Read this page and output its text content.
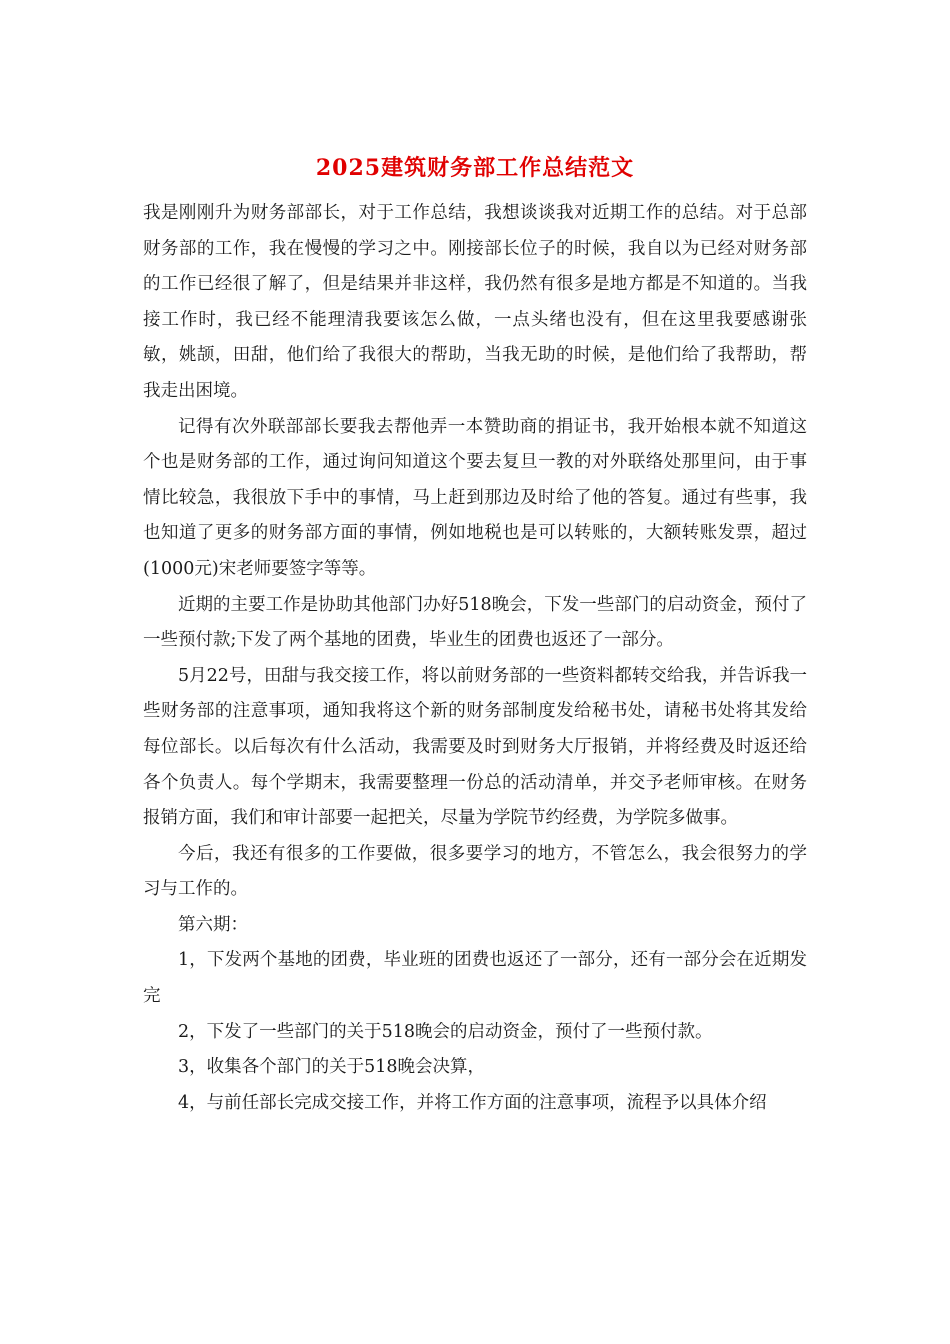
2025建筑财务部工作总结范文

我是刚刚升为财务部部长，对于工作总结，我想谈谈我对近期工作的总结。对于总部财务部的工作，我在慢慢的学习之中。刚接部长位子的时候，我自以为已经对财务部的工作已经很了解了，但是结果并非这样，我仍然有很多是地方都是不知道的。当我接工作时，我已经不能理清我要该怎么做，一点头绪也没有，但在这里我要感谢张敏，姚颉，田甜，他们给了我很大的帮助，当我无助的时候，是他们给了我帮助，帮我走出困境。

记得有次外联部部长要我去帮他弄一本赞助商的捐证书，我开始根本就不知道这个也是财务部的工作，通过询问知道这个要去复旦一教的对外联络处那里问，由于事情比较急，我很放下手中的事情，马上赶到那边及时给了他的答复。通过有些事，我也知道了更多的财务部方面的事情，例如地税也是可以转账的，大额转账发票，超过(1000元)宋老师要签字等等。

近期的主要工作是协助其他部门办好518晚会，下发一些部门的启动资金，预付了一些预付款;下发了两个基地的团费，毕业生的团费也返还了一部分。

5月22号，田甜与我交接工作，将以前财务部的一些资料都转交给我，并告诉我一些财务部的注意事项，通知我将这个新的财务部制度发给秘书处，请秘书处将其发给每位部长。以后每次有什么活动，我需要及时到财务大厅报销，并将经费及时返还给各个负责人。每个学期末，我需要整理一份总的活动清单，并交予老师审核。在财务报销方面，我们和审计部要一起把关，尽量为学院节约经费，为学院多做事。

今后，我还有很多的工作要做，很多要学习的地方，不管怎么，我会很努力的学习与工作的。

第六期：

1，下发两个基地的团费，毕业班的团费也返还了一部分，还有一部分会在近期发完

2，下发了一些部门的关于518晚会的启动资金，预付了一些预付款。

3，收集各个部门的关于518晚会决算，

4，与前任部长完成交接工作，并将工作方面的注意事项，流程予以具体介绍
